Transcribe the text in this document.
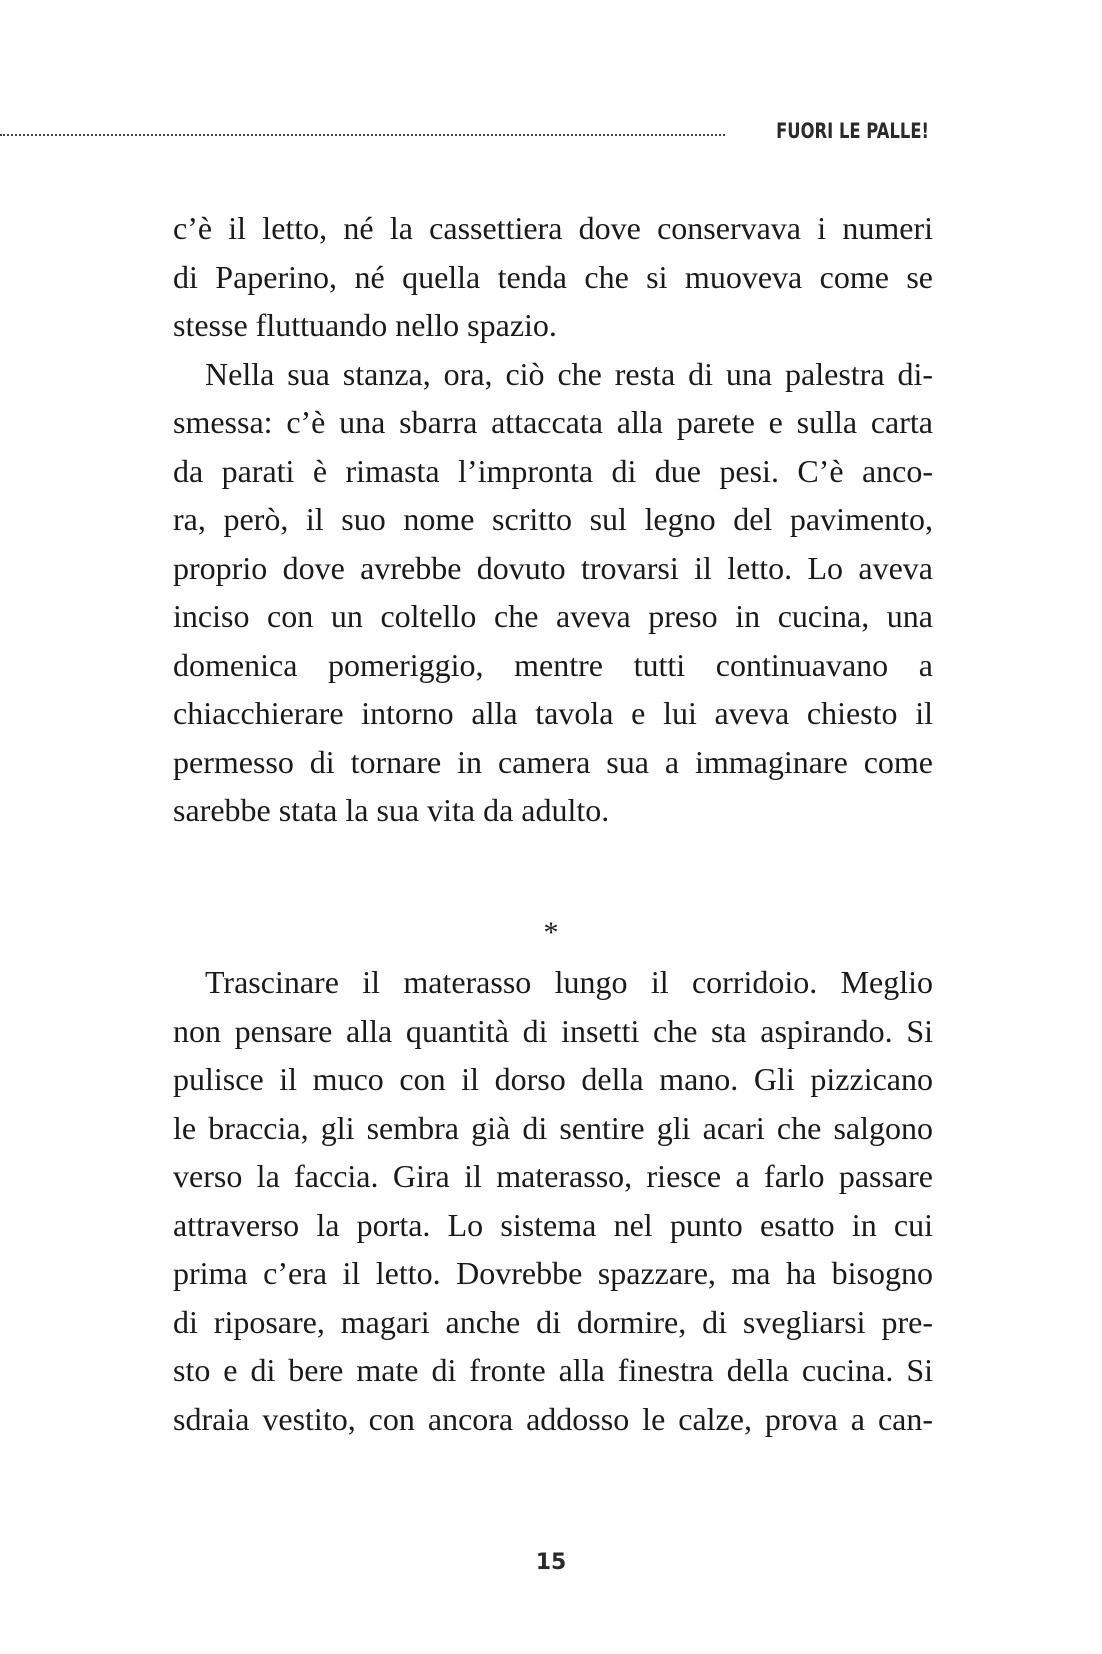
FUORI LE PALLE!
c’è il letto, né la cassettiera dove conservava i numeri
di Paperino, né quella tenda che si muoveva come se
stesse fluttuando nello spazio.
Nella sua stanza, ora, ciò che resta di una palestra di-
smessa: c’è una sbarra attaccata alla parete e sulla carta
da parati è rimasta l’impronta di due pesi. C’è anco-
ra, però, il suo nome scritto sul legno del pavimento,
proprio dove avrebbe dovuto trovarsi il letto. Lo aveva
inciso con un coltello che aveva preso in cucina, una
domenica pomeriggio, mentre tutti continuavano a
chiacchierare intorno alla tavola e lui aveva chiesto il
permesso di tornare in camera sua a immaginare come
sarebbe stata la sua vita da adulto.
*
Trascinare il materasso lungo il corridoio. Meglio
non pensare alla quantità di insetti che sta aspirando. Si
pulisce il muco con il dorso della mano. Gli pizzicano
le braccia, gli sembra già di sentire gli acari che salgono
verso la faccia. Gira il materasso, riesce a farlo passare
attraverso la porta. Lo sistema nel punto esatto in cui
prima c’era il letto. Dovrebbe spazzare, ma ha bisogno
di riposare, magari anche di dormire, di svegliarsi pre-
sto e di bere mate di fronte alla finestra della cucina. Si
sdraia vestito, con ancora addosso le calze, prova a can-
15
